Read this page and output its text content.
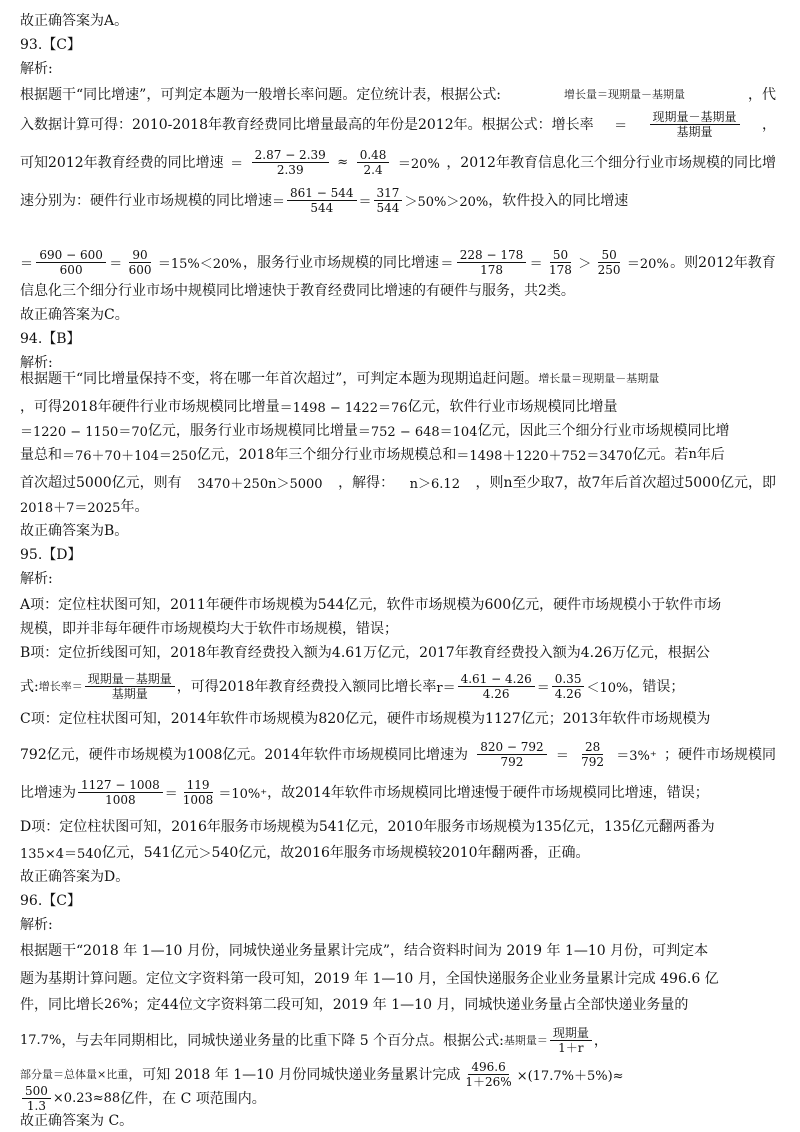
故正确答案为A。
93.【C】
解析:
根据题干“同比增速”，可判定本题为一般增长率问题。定位统计表，根据公式:	增长量＝现期量－基期量	，代
入数据计算可得：2010-2018年教育经费同比增量最高的年份是2012年。根据公式：增长率 ＝ $\frac{\text{现期量－基期量}}{\text{基期量}}$ ，
可知2012年教育经费的同比增速 ＝ $\frac{2.87 - 2.39}{2.39} \approx \frac{0.48}{2.4} =20\%$ ，2012年教育信息化三个细分行业市场规模的同比增
速分别为：硬件行业市场规模的同比增速 ＝ $\frac{861 - 544}{544} = \frac{317}{544} >50\%>20\%$ ，软件投入的同比增速
＝ $\frac{690 - 600}{600} = \frac{90}{600} =15\%<20\%$ ，服务行业市场规模的同比增速 ＝ $\frac{228 - 178}{178} = \frac{50}{178} > \frac{50}{250} =20\%$ 。则2012年教育
信息化三个细分行业市场中规模同比增速快于教育经费同比增速的有硬件与服务，共2类。
故正确答案为C。
94.【B】
解析:
根据题干“同比增量保持不变，将在哪一年首次超过”，可判定本题为现期追赶问题。 增长量＝现期量－基期量
，可得2018年硬件行业市场规模同比增量 ＝1498 − 1422＝76 亿元，软件行业市场规模同比增量
＝1220 − 1150＝70 亿元，服务行业市场规模同比增量 ＝752 − 648＝104 亿元，因此三个细分行业市场规模同比增
量总和 ＝76＋70＋104＝250 亿元，2018年三个细分行业市场规模总和 ＝1498＋1220＋752＝3470 亿元。若 n 年后
首次超过5000亿元，则有 3470＋250n＞5000 ，解得： n＞6.12 ，则n至少取7，故7年后首次超过5000亿元，即
2018＋7＝2025 年。
故正确答案为B。
95.【D】
解析:
A项：定位柱状图可知，2011年硬件市场规模为544亿元，软件市场规模为600亿元，硬件市场规模小于软件市场
规模，即并非每年硬件市场规模均大于软件市场规模，错误；
B项：定位折线图可知，2018年教育经费投入额为4.61万亿元，2017年教育经费投入额为4.26万亿元，根据公
式: 增长率＝ $\frac{\text{现期量－基期量}}{\text{基期量}}$ ，可得2018年教育经费投入额同比增长率 $r= \frac{4.61 - 4.26}{4.26} = \frac{0.35}{4.26} <10\%$ ，错误；
C项：定位柱状图可知，2014年软件市场规模为820亿元，硬件市场规模为1127亿元；2013年软件市场规模为
792亿元，硬件市场规模为1008亿元。2014年软件市场规模同比增速为 $\frac{820 - 792}{792} = \frac{28}{792} =3\%^+$ ；硬件市场规模同
比增速为 $\frac{1127 - 1008}{1008} = \frac{119}{1008} =10\%^+$ ，故2014年软件市场规模同比增速慢于硬件市场规模同比增速，错误；
D项：定位柱状图可知，2016年服务市场规模为541亿元，2010年服务市场规模为135亿元，135亿元翻两番为
135×4＝540 亿元，541亿元 ＞ 540亿元，故2016年服务市场规模较2010年翻两番，正确。
故正确答案为D。
96.【C】
解析:
根据题干“2018 年 1—10 月份，同城快递业务量累计完成”，结合资料时间为 2019 年 1—10 月份，可判定本
题为基期计算问题。定位文字资料第一段可知，2019 年 1—10 月，全国快递服务企业业务量累计完成 496.6 亿
件，同比增长 26% ；定44位文字资料第二段可知，2019 年 1—10 月，同城快递业务量占全部快递业务量的
17.7% ，与去年同期相比，同城快递业务量的比重下降 5 个百分点。根据公式: 基期量＝ $\frac{\text{现期量}}{1+r}$ ，
部分量＝总体量×比重 ，可知 2018 年 1—10 月份同城快递业务量累计完成 $\frac{496.6}{1+26\%} \times(17.7\%+5\%)\approx$
$\frac{500}{1.3} \times 0.23\approx 88$ 亿件，在 C 项范围内。
故正确答案为 C。
